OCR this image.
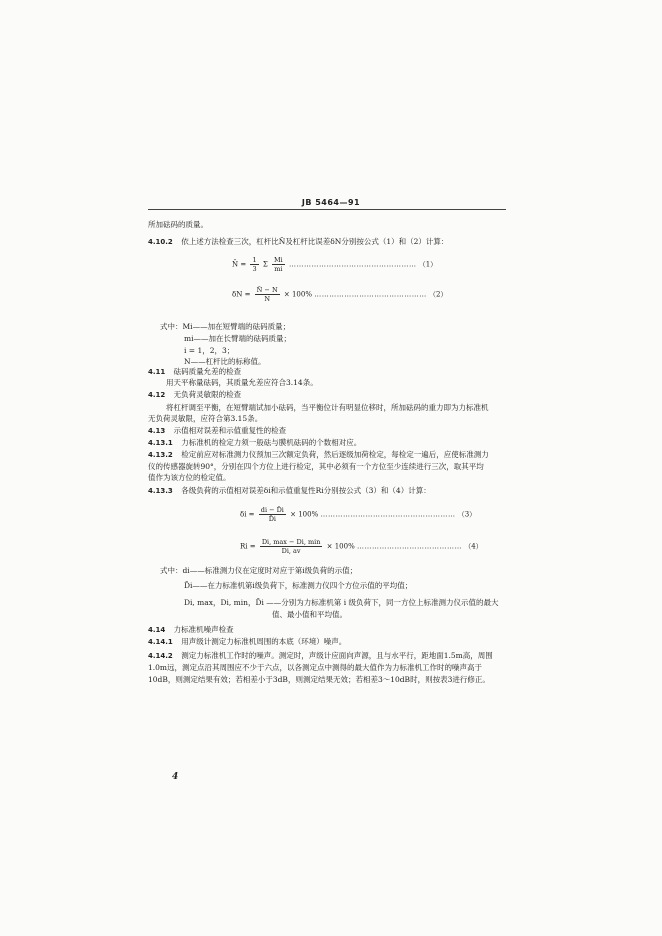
JB 5464—91
所加砝码的质量。
4.10.2 依上述方法检查三次，杠杆比N̄及杠杆比误差δN分别按公式（1）和（2）计算：
N̄ = $\frac{1}{3}$ Σ $\frac{Mi}{mi}$ …………………………………………… （1）
$\delta N = \frac{N̄ - N}{N} \times 100\%$ ……………………………………… （2）
式中：Mi——加在短臂端的砝码质量；
mi——加在长臂端的砝码质量；
i = 1，2，3；
N——杠杆比的标称值。
4.11 砝码质量允差的检查
用天平称量砝码，其质量允差应符合3.14条。
4.12 无负荷灵敏限的检查
将杠杆调至平衡，在短臂端试加小砝码，当平衡位计有明显位移时，所加砝码的重力即为力标准机
无负荷灵敏限，应符合第3.15条。
4.13 示值相对误差和示值重复性的检查
4.13.1 力标准机的检定力须一般砝与膜机砝码的个数相对应。
4.13.2 检定前应对标准测力仪预加三次额定负荷，然后逐级加荷检定，每检定一遍后，应使标准测力
仪的传感器旋转90°，分别在四个方位上进行检定，其中必须有一个方位至少连续进行三次，取其平均
值作为该方位的检定值。
4.13.3 各级负荷的示值相对误差δi和示值重复性Ri分别按公式（3）和（4）计算：
$\delta i = \frac{di - D̄i}{D̄i} \times 100\%$ ……………………………………………… （3）
$Ri = \frac{Di, \max - Di, \min}{Di, av} \times 100\%$ …………………………………… （4）
式中：di——标准测力仪在定度时对应于第i级负荷的示值；
D̄i——在力标准机第i级负荷下，标准测力仪四个方位示值的平均值；
Di, max，Di, min，D̄i ——分别为力标准机第 i 级负荷下，同一方位上标准测力仪示值的最大
值、最小值和平均值。
4.14 力标准机噪声检查
4.14.1 用声级计测定力标准机周围的本底（环境）噪声。
4.14.2 测定力标准机工作时的噪声。测定时，声级计应面向声源，且与水平行，距地面1.5m高，周围
1.0m远，测定点沿其周围应不少于六点，以各测定点中测得的最大值作为力标准机工作时的噪声高于
10dB，则测定结果有效；若相差小于3dB，则测定结果无效；若相差3～10dB时，则按表3进行修正。
4
